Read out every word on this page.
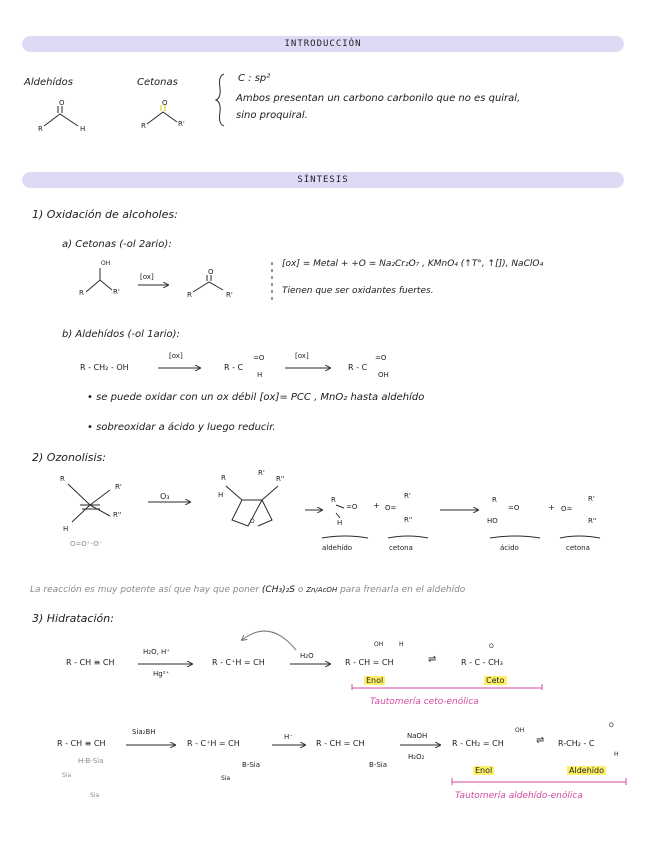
INTRODUCCIÓN
Aldehídos	Cetonas
O
R	H
O
R	R'
C : sp²
Ambos presentan un carbono carbonilo que no es quiral,
sino proquiral.
SÍNTESIS
1) Oxidación de alcoholes:
a) Cetonas (-ol 2ario):
OH
R	R'
[ox]
O
R	R'
[ox] = Metal + +O = Na₂Cr₂O₇ , KMnO₄ (↑T°, ↑[]), NaClO₄
Tienen que ser oxidantes fuertes.
b) Aldehídos (-ol 1ario):
R - CH₂ - OH
[ox]
R - C
=O
H
[ox]
R - C
=O
OH
• se puede oxidar con un ox débil [ox]= PCC , MnO₂ hasta aldehído
• sobreoxidar a ácido y luego reducir.
2) Ozonolisis:
R
R'
H
R''
O=O⁺-O⁻
O₃
R
R'
R''
H
O
R
=O
H
aldehído
+ O=
R'
R''
cetona
R
=O
HO
ácido
+ O=
R'
R''
cetona
La reacción es muy potente así que hay que poner (CH₃)₂S o Zn/AcOH para frenarla en el aldehído
3) Hidratación:
R - CH ≡ CH
H₂O, H⁺
Hg²⁺
R - C⁺H = CH
H₂O
OH	H
R - CH = CH	⇌
O
R - C - CH₃
Enol	Ceto
Tautomería ceto-enólica
R - CH ≡ CH
H-B-Sia
Sia
Sia
Sia₂BH
R - C⁺H = CH
B-Sia
Sia
H⁻
R - CH = CH
B-Sia
NaOH
H₂O₂
OH
R - CH₂ = CH	⇌
O
R-CH₂ - C
H
Enol	Aldehído
Tautomería aldehído-enólica
